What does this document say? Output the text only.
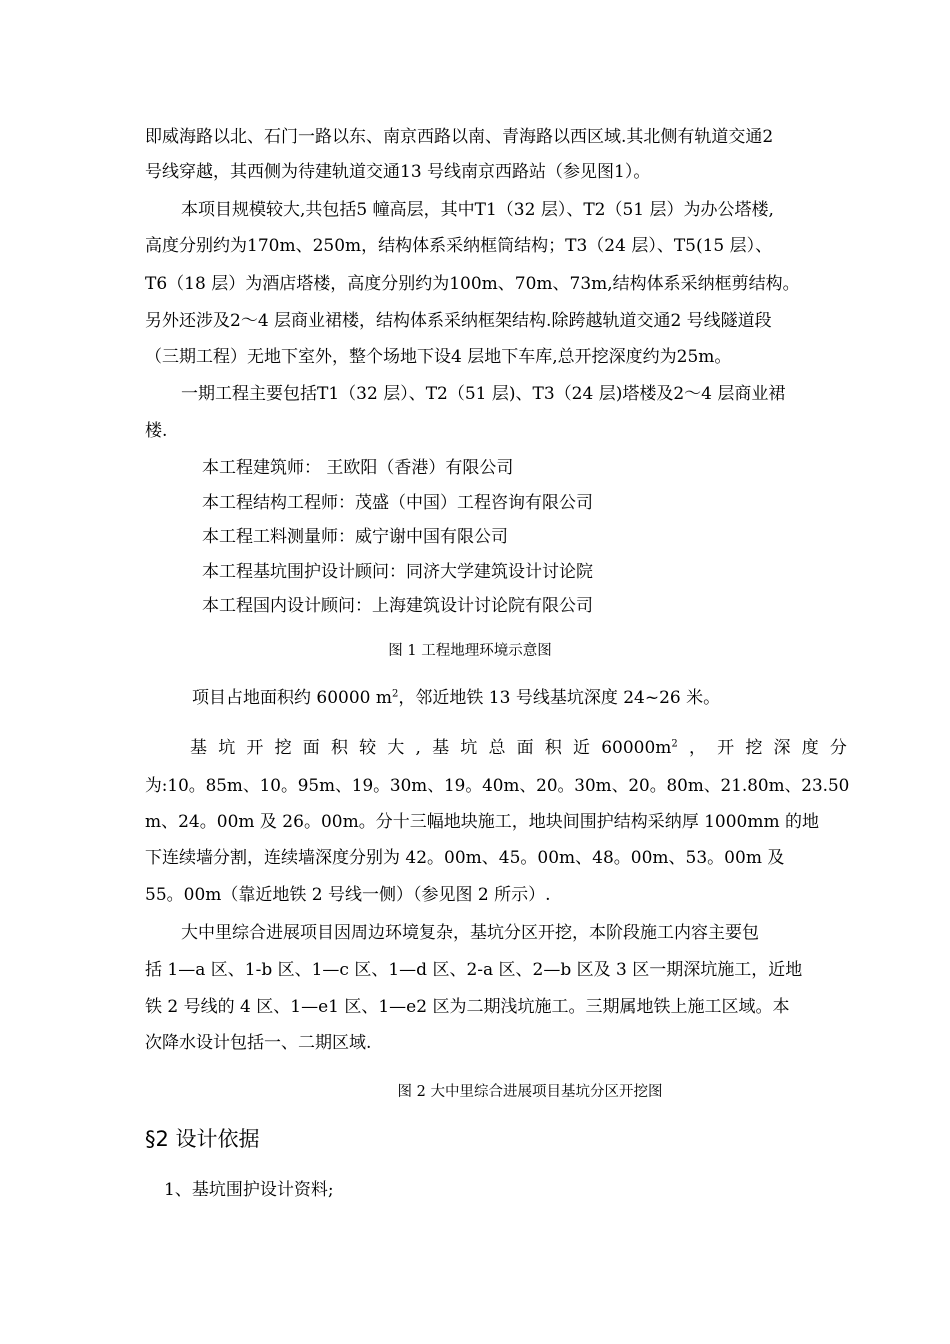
即威海路以北、石门一路以东、南京西路以南、青海路以西区域.其北侧有轨道交通2
号线穿越，其西侧为待建轨道交通13 号线南京西路站（参见图1）。
本项目规模较大,共包括5 幢高层，其中T1（32 层）、T2（51 层）为办公塔楼,
高度分别约为170m、250m，结构体系采纳框筒结构；T3（24 层）、T5(15 层）、
T6（18 层）为酒店塔楼，高度分别约为100m、70m、73m,结构体系采纳框剪结构。
另外还涉及2～4 层商业裙楼，结构体系采纳框架结构.除跨越轨道交通2 号线隧道段
（三期工程）无地下室外，整个场地下设4 层地下车库,总开挖深度约为25m。
一期工程主要包括T1（32 层）、T2（51 层)、T3（24 层)塔楼及2～4 层商业裙
楼.
本工程建筑师： 王欧阳（香港）有限公司
本工程结构工程师：茂盛（中国）工程咨询有限公司
本工程工料测量师：威宁谢中国有限公司
本工程基坑围护设计顾问：同济大学建筑设计讨论院
本工程国内设计顾问：上海建筑设计讨论院有限公司
图 1 工程地理环境示意图
项目占地面积约 60000 $m^2$，邻近地铁 13 号线基坑深度 24~26 米。
基 坑 开 挖 面 积 较 大 , 基 坑 总 面 积 近 $60000m^2$ ， 开 挖 深 度 分
为:10。85m、10。95m、19。30m、19。40m、20。30m、20。80m、21.80m、23.50
m、24。00m 及 26。00m。分十三幅地块施工，地块间围护结构采纳厚 1000mm 的地
下连续墙分割，连续墙深度分别为 42。00m、45。00m、48。00m、53。00m 及
55。00m（靠近地铁 2 号线一侧）（参见图 2 所示）.
大中里综合进展项目因周边环境复杂，基坑分区开挖，本阶段施工内容主要包
括 1—a 区、1-b 区、1—c 区、1—d 区、2-a 区、2—b 区及 3 区一期深坑施工，近地
铁 2 号线的 4 区、1—e1 区、1—e2 区为二期浅坑施工。三期属地铁上施工区域。本
次降水设计包括一、二期区域.
图 2 大中里综合进展项目基坑分区开挖图
§2 设计依据
1、基坑围护设计资料;
